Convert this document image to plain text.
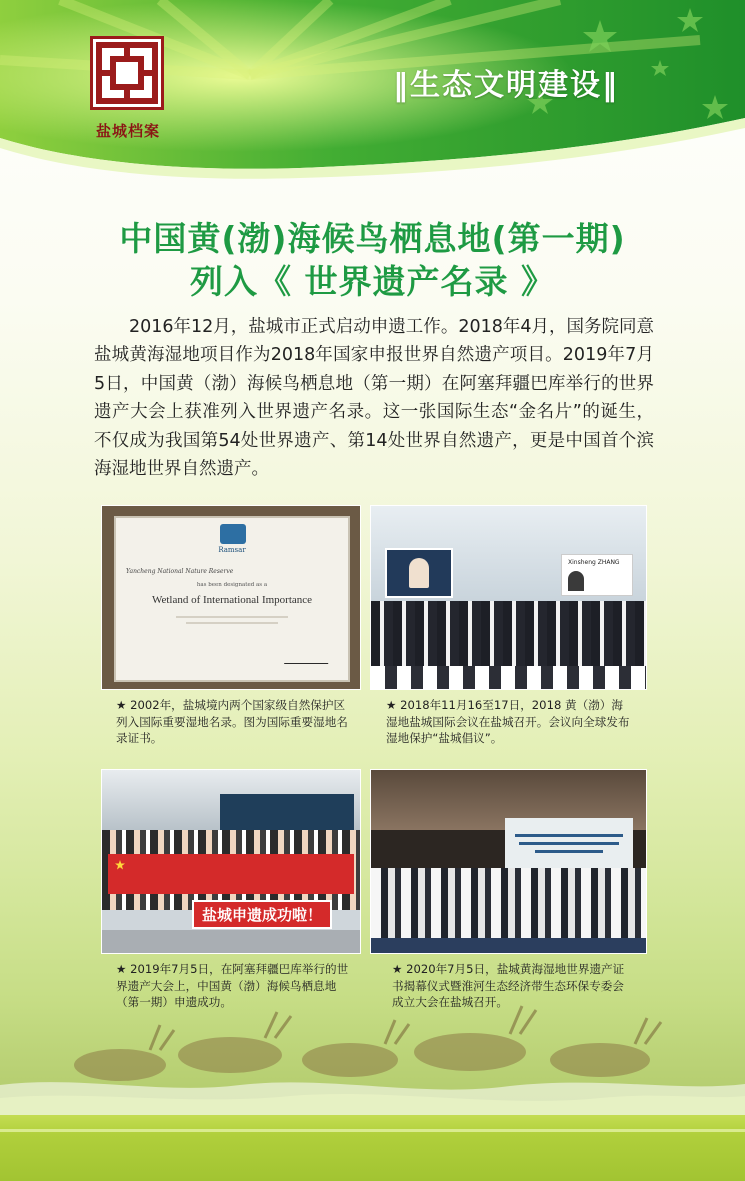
盐城档案
‖生态文明建设‖
中国黄(渤)海候鸟栖息地(第一期)
列入《 世界遗产名录 》
　　2016年12月，盐城市正式启动申遗工作。2018年4月，国务院同意盐城黄海湿地项目作为2018年国家申报世界自然遗产项目。2019年7月5日，中国黄（渤）海候鸟栖息地（第一期）在阿塞拜疆巴库举行的世界遗产大会上获准列入世界遗产名录。这一张国际生态“金名片”的诞生，不仅成为我国第54处世界遗产、第14处世界自然遗产，更是中国首个滨海湿地世界自然遗产。
Ramsar
Yancheng National Nature Reserve
has been designated as a
Wetland of International Importance
★ 2002年，盐城境内两个国家级自然保护区列入国际重要湿地名录。图为国际重要湿地名录证书。
Xinsheng ZHANG
★ 2018年11月16至17日，2018 黄（渤）海湿地盐城国际会议在盐城召开。会议向全球发布湿地保护“盐城倡议”。
盐城申遗成功啦！
★ 2019年7月5日，在阿塞拜疆巴库举行的世界遗产大会上，中国黄（渤）海候鸟栖息地（第一期）申遗成功。
★ 2020年7月5日，盐城黄海湿地世界遗产证书揭幕仪式暨淮河生态经济带生态环保专委会成立大会在盐城召开。
